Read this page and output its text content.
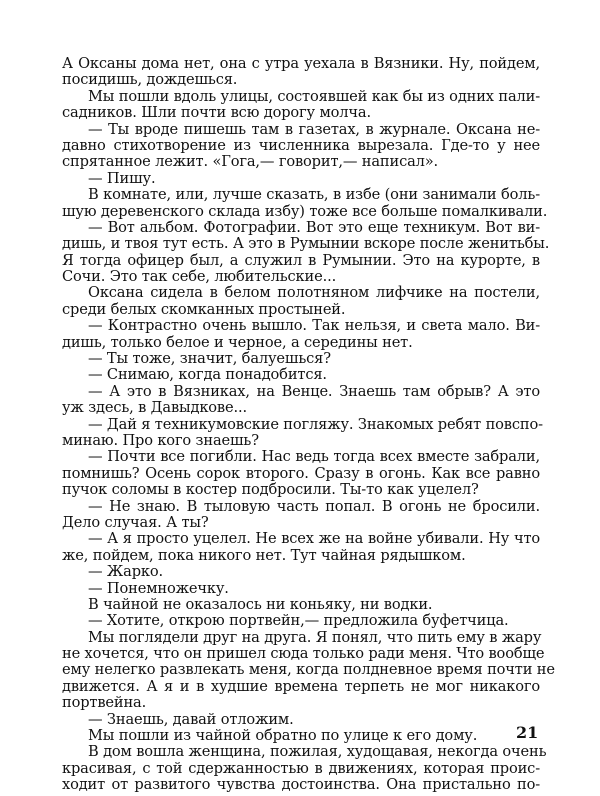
А Оксаны дома нет, она с утра уехала в Вязники. Ну, пойдем,
посидишь, дождешься.
Мы пошли вдоль улицы, состоявшей как бы из одних пали-
садников. Шли почти всю дорогу молча.
— Ты вроде пишешь там в газетах, в журнале. Оксана не-
давно стихотворение из численника вырезала. Где-то у нее
спрятанное лежит. «Гога,— говорит,— написал».
— Пишу.
В комнате, или, лучше сказать, в избе (они занимали боль-
шую деревенского склада избу) тоже все больше помалкивали.
— Вот альбом. Фотографии. Вот это еще техникум. Вот ви-
дишь, и твоя тут есть. А это в Румынии вскоре после женитьбы.
Я тогда офицер был, а служил в Румынии. Это на курорте, в
Сочи. Это так себе, любительские...
Оксана сидела в белом полотняном лифчике на постели,
среди белых скомканных простыней.
— Контрастно очень вышло. Так нельзя, и света мало. Ви-
дишь, только белое и черное, а середины нет.
— Ты тоже, значит, балуешься?
— Снимаю, когда понадобится.
— А это в Вязниках, на Венце. Знаешь там обрыв? А это
уж здесь, в Давыдкове...
— Дай я техникумовские погляжу. Знакомых ребят повспо-
минаю. Про кого знаешь?
— Почти все погибли. Нас ведь тогда всех вместе забрали,
помнишь? Осень сорок второго. Сразу в огонь. Как все равно
пучок соломы в костер подбросили. Ты-то как уцелел?
— Не знаю. В тыловую часть попал. В огонь не бросили.
Дело случая. А ты?
— А я просто уцелел. Не всех же на войне убивали. Ну что
же, пойдем, пока никого нет. Тут чайная рядышком.
— Жарко.
— Понемножечку.
В чайной не оказалось ни коньяку, ни водки.
— Хотите, открою портвейн,— предложила буфетчица.
Мы поглядели друг на друга. Я понял, что пить ему в жару
не хочется, что он пришел сюда только ради меня. Что вообще
ему нелегко развлекать меня, когда полдневное время почти не
движется. А я и в худшие времена терпеть не мог никакого
портвейна.
— Знаешь, давай отложим.
Мы пошли из чайной обратно по улице к его дому.
В дом вошла женщина, пожилая, худощавая, некогда очень
красивая, с той сдержанностью в движениях, которая проис-
ходит от развитого чувства достоинства. Она пристально по-
21
